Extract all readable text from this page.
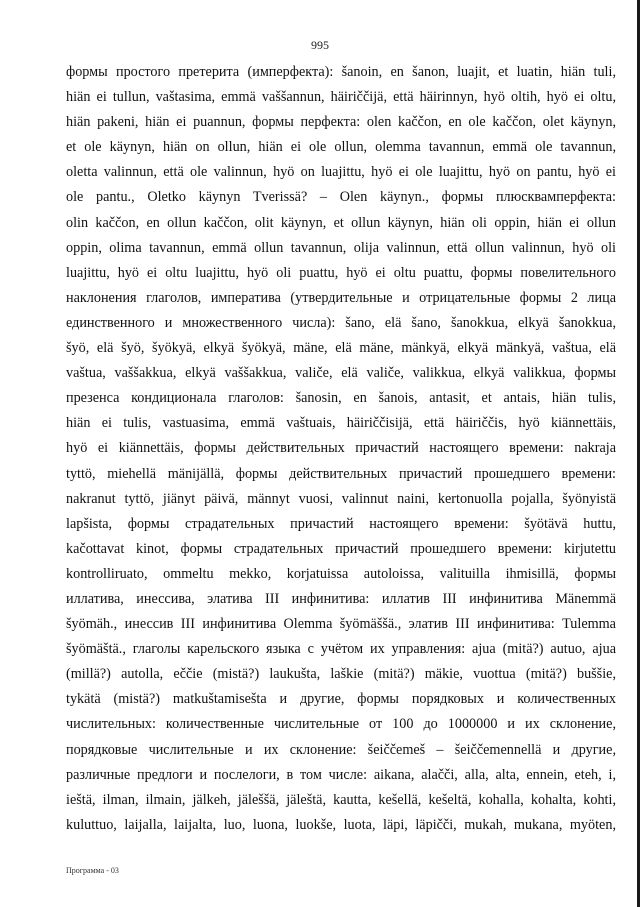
995
формы простого претерита (имперфекта): šanoin, en šanon, luajit, et luatin, hiän tuli,
hiän ei tullun, vaštasima, emmä vaššannun, häiriččijä, että häirinnyn, hyö oltih, hyö ei oltu,
hiän pakeni, hiän ei puannun, формы перфекта: olen kaččon, en ole kaččon, olet käynyn,
et ole käynyn, hiän on ollun, hiän ei ole ollun, olemma tavannun, emmä ole tavannun,
oletta valinnun, että ole valinnun, hyö on luajittu, hyö ei ole luajittu, hyö on pantu, hyö ei
ole pantu., Oletko käynyn Tverissä? – Olen käynyn., формы плюсквамперфекта:
olin kaččon, en ollun kaččon, olit käynyn, et ollun käynyn, hiän oli oppin, hiän ei ollun
oppin, olima tavannun, emmä ollun tavannun, olija valinnun, että ollun valinnun, hyö oli
luajittu, hyö ei oltu luajittu, hyö oli puattu, hyö ei oltu puattu, формы повелительного
наклонения глаголов, императива (утвердительные и отрицательные формы 2 лица
единственного и множественного числа): šano, elä šano, šanokkua, elkyä šanokkua,
šyö, elä šyö, šyökyä, elkyä šyökyä, mäne, elä mäne, mänkyä, elkyä mänkyä, vaštua, elä
vaštua, vaššakkua, elkyä vaššakkua, valiče, elä valiče, valikkua, elkyä valikkua, формы
презенса кондиционала глаголов: šanosin, en šanois, antasit, et antais, hiän tulis,
hiän ei tulis, vastuasima, emmä vaštuais, häiriččisijä, että häiriččis, hyö kiännettäis,
hyö ei kiännettäis, формы действительных причастий настоящего времени: nakraja
tyttö, miehellä mänijällä, формы действительных причастий прошедшего времени:
nakranut tyttö, jiänyt päivä, männyt vuosi, valinnut naini, kertonuolla pojalla, šyönyistä
lapšista, формы страдательных причастий настоящего времени: šyötävä huttu,
kačottavat kinot, формы страдательных причастий прошедшего времени: kirjutettu
kontrolliruato, ommeltu mekko, korjatuissa autoloissa, valituilla ihmisillä, формы
иллатива, инессива, элатива III инфинитива: иллатив III инфинитива Mänemmä
šyömäh., инессив III инфинитива Olemma šyömäššä., элатив III инфинитива: Tulemma
šyömäštä., глаголы карельского языка с учётом их управления: ajua (mitä?) autuo, ajua
(millä?) autolla, eččie (mistä?) laukušta, laškie (mitä?) mäkie, vuottua (mitä?) buššie,
tykätä (mistä?) matkuštamisešta и другие, формы порядковых и количественных
числительных: количественные числительные от 100 до 1000000 и их склонение,
порядковые числительные и их склонение: šeiččemeš – šeiččemennellä и другие,
различные предлоги и послелоги, в том числе: aikana, alačči, alla, alta, ennein, eteh, i,
ieštä, ilman, ilmain, jälkeh, jäleššä, jäleštä, kautta, kešellä, kešeltä, kohalla, kohalta, kohti,
kuluttuo, laijalla, laijalta, luo, luona, luokše, luota, läpi, läpičči, mukah, mukana, myöten,
Программа - 03
